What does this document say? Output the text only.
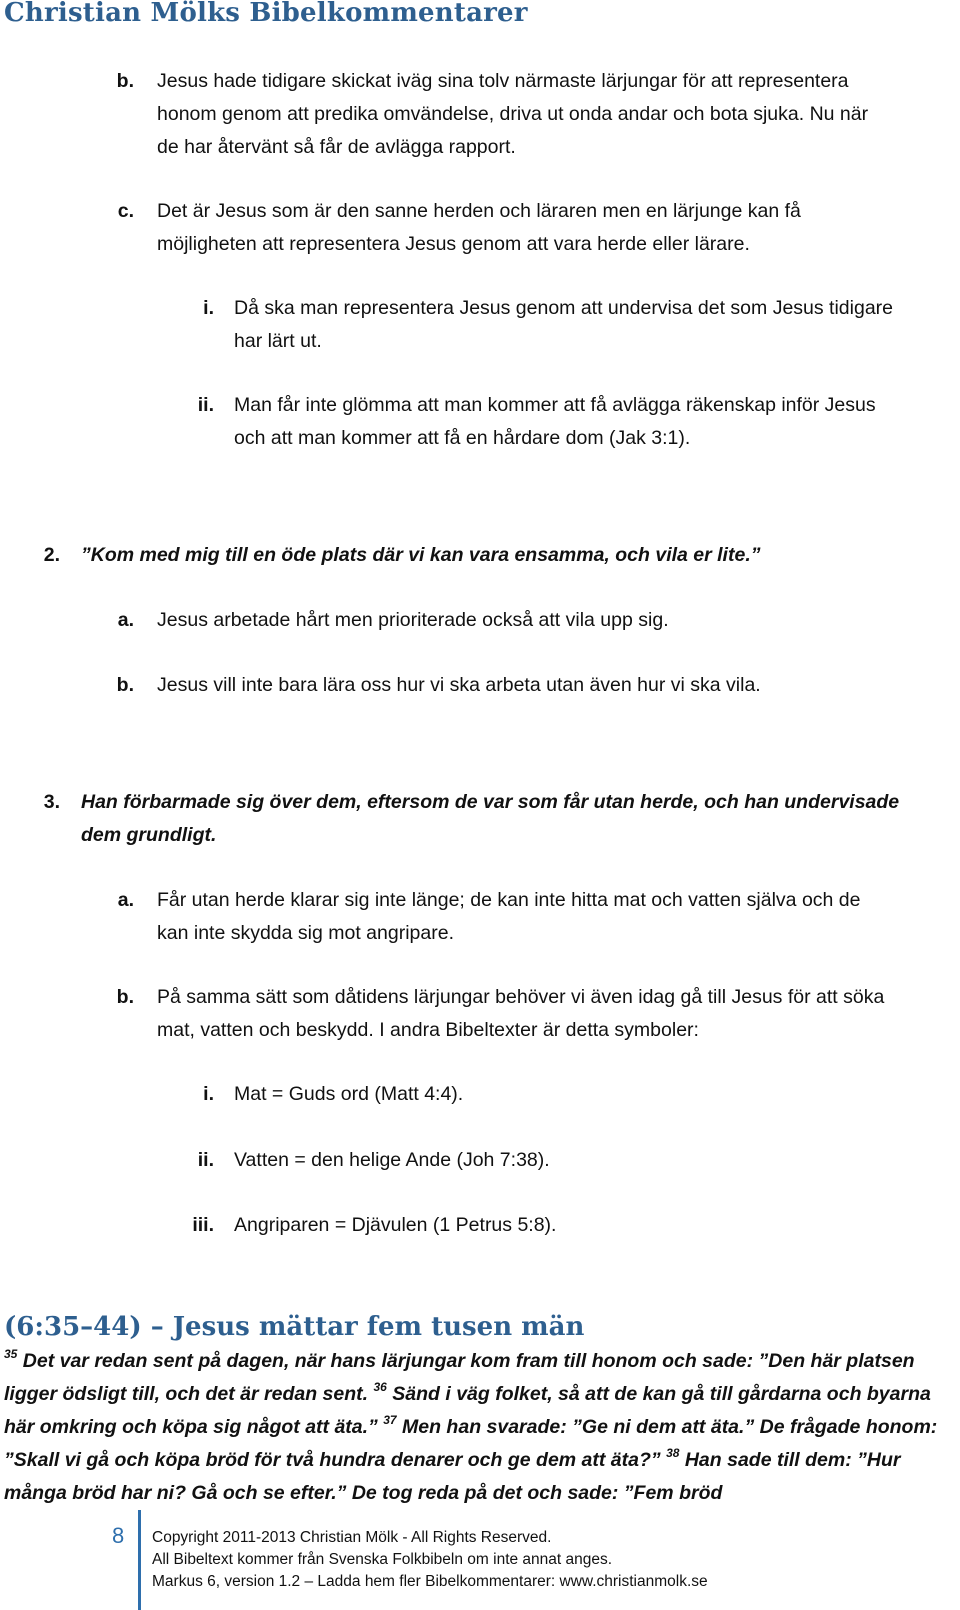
Christian Mölks Bibelkommentarer
b. Jesus hade tidigare skickat iväg sina tolv närmaste lärjungar för att representera
honom genom att predika omvändelse, driva ut onda andar och bota sjuka. Nu när
de har återvänt så får de avlägga rapport.
c. Det är Jesus som är den sanne herden och läraren men en lärjunge kan få
möjligheten att representera Jesus genom att vara herde eller lärare.
i. Då ska man representera Jesus genom att undervisa det som Jesus tidigare
har lärt ut.
ii. Man får inte glömma att man kommer att få avlägga räkenskap inför Jesus
och att man kommer att få en hårdare dom (Jak 3:1).
2. ”Kom med mig till en öde plats där vi kan vara ensamma, och vila er lite.”
a. Jesus arbetade hårt men prioriterade också att vila upp sig.
b. Jesus vill inte bara lära oss hur vi ska arbeta utan även hur vi ska vila.
3. Han förbarmade sig över dem, eftersom de var som får utan herde, och han undervisade
dem grundligt.
a. Får utan herde klarar sig inte länge; de kan inte hitta mat och vatten själva och de
kan inte skydda sig mot angripare.
b. På samma sätt som dåtidens lärjungar behöver vi även idag gå till Jesus för att söka
mat, vatten och beskydd. I andra Bibeltexter är detta symboler:
i. Mat = Guds ord (Matt 4:4).
ii. Vatten = den helige Ande (Joh 7:38).
iii. Angriparen = Djävulen (1 Petrus 5:8).
(6:35–44) – Jesus mättar fem tusen män
$^{35}$ Det var redan sent på dagen, när hans lärjungar kom fram till honom och sade: ”Den här platsen ligger ödsligt till, och det är redan sent. $^{36}$ Sänd i väg folket, så att de kan gå till gårdarna och byarna här omkring och köpa sig något att äta.” $^{37}$ Men han svarade: ”Ge ni dem att äta.” De frågade honom: ”Skall vi gå och köpa bröd för två hundra denarer och ge dem att äta?” $^{38}$ Han sade till dem: ”Hur många bröd har ni? Gå och se efter.” De tog reda på det och sade: ”Fem bröd
8 Copyright 2011-2013 Christian Mölk - All Rights Reserved.
All Bibeltext kommer från Svenska Folkbibeln om inte annat anges.
Markus 6, version 1.2 – Ladda hem fler Bibelkommentarer: www.christianmolk.se
